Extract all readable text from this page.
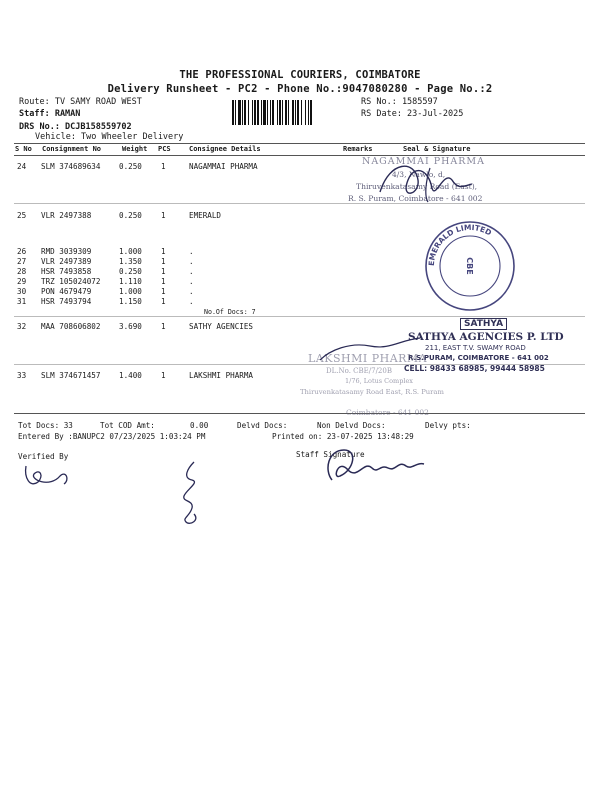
THE PROFESSIONAL COURIERS, COIMBATORE
Delivery Runsheet - PC2 - Phone No.:9047080280 - Page No.:2
Route: TV SAMY ROAD WEST
Staff: RAMAN
DRS No.: DCJB158559702
Vehicle: Two Wheeler Delivery
RS No.: 1585597
RS Date: 23-Jul-2025
S No Consignment No	Weight PCS	Consignee Details	Remarks	Seal & Signature
24 SLM 374689634 0.250	1	NAGAMMAI PHARMA
25 VLR 2497388	0.250	1	EMERALD
26 RMD 3039309	1.000	1	.
27 VLR 2497389	1.350	1	.
28 HSR 7493858	0.250	1	.
29 TRZ 105024072 1.110	1	.
30 PON 4679479	1.000	1	.
31 HSR 7493794	1.150	1	.
No.Of Docs: 7
32 MAA 708606802 3.690	1	SATHY AGENCIES
33 SLM 374671457 1.400	1	LAKSHMI PHARMA
NAGAMMAI PHARMA
4/3, Nawlo, d,
Thiruvenkatasamy Road (East),
R. S. Puram, Coimbatore - 641 002
EMERALD LIMITED
CBE
SATHYA
SATHYA AGENCIES P. LTD
211, EAST T.V. SWAMY ROAD
R.S.PURAM, COIMBATORE - 641 002
CELL: 98433 68985, 99444 58985
LAKSHMI PHARMA
DL.No. CBE/7/20B
1/76, Lotus Complex
Thiruvenkatasamy Road East, R.S. Puram
Coimbatore - 641 002
Tot Docs: 33	Tot COD Amt:	0.00	Delvd Docs:	Non Delvd Docs:	Delvy pts:
Entered By :BANUPC2 07/23/2025 1:03:24 PM	Printed on: 23-07-2025 13:48:29
Verified By	Staff Signature
